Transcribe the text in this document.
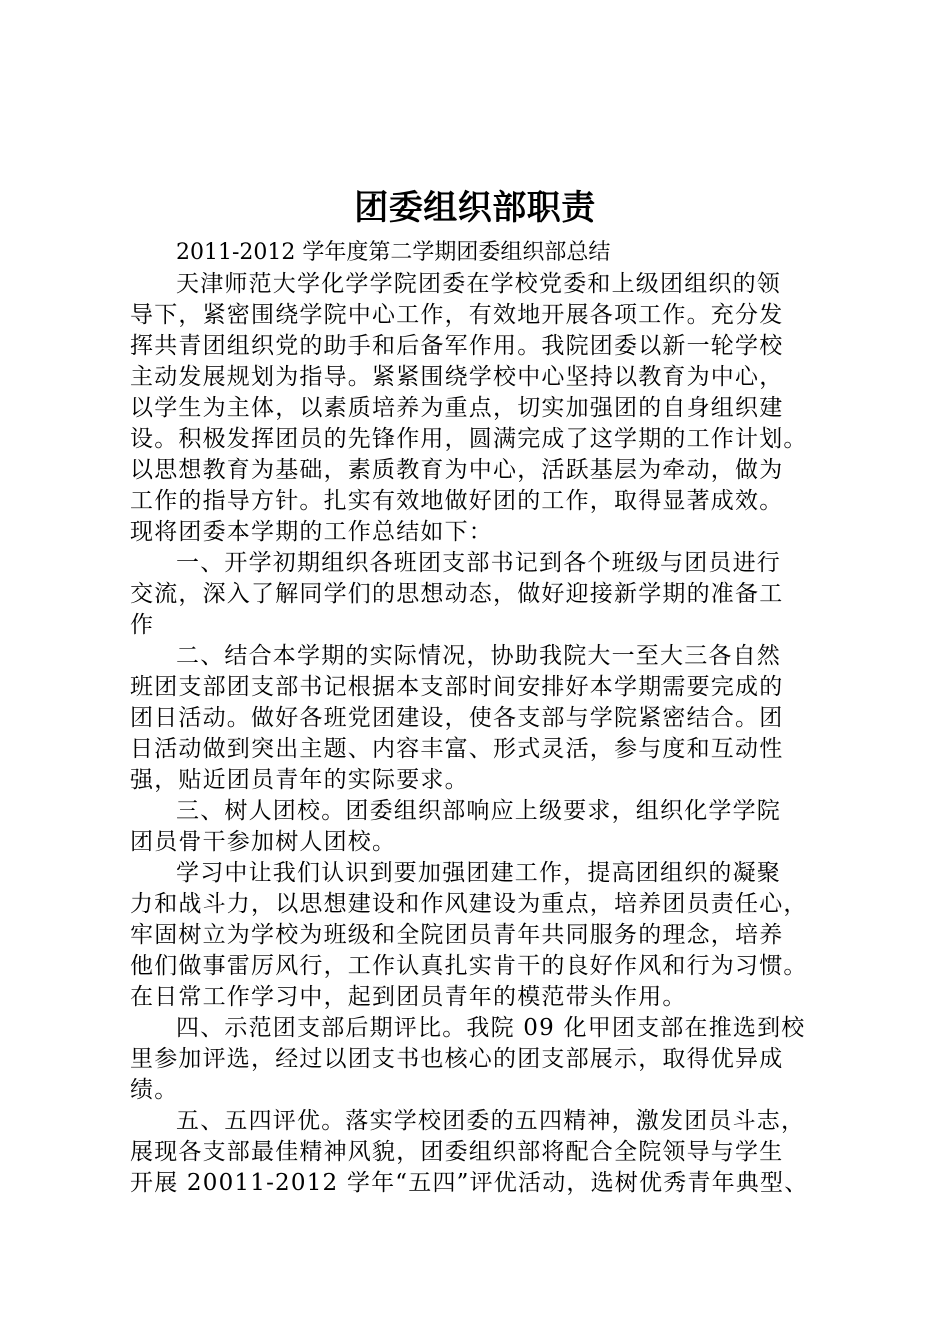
团委组织部职责

2011-2012 学年度第二学期团委组织部总结

天津师范大学化学学院团委在学校党委和上级团组织的领

导下，紧密围绕学院中心工作，有效地开展各项工作。充分发

挥共青团组织党的助手和后备军作用。我院团委以新一轮学校

主动发展规划为指导。紧紧围绕学校中心坚持以教育为中心，

以学生为主体，以素质培养为重点，切实加强团的自身组织建

设。积极发挥团员的先锋作用，圆满完成了这学期的工作计划。

以思想教育为基础，素质教育为中心，活跃基层为牵动，做为

工作的指导方针。扎实有效地做好团的工作，取得显著成效。

现将团委本学期的工作总结如下：

一、开学初期组织各班团支部书记到各个班级与团员进行

交流，深入了解同学们的思想动态，做好迎接新学期的准备工

作

二、结合本学期的实际情况，协助我院大一至大三各自然

班团支部团支部书记根据本支部时间安排好本学期需要完成的

团日活动。做好各班党团建设，使各支部与学院紧密结合。团

日活动做到突出主题、内容丰富、形式灵活，参与度和互动性

强，贴近团员青年的实际要求。

三、树人团校。团委组织部响应上级要求，组织化学学院

团员骨干参加树人团校。

学习中让我们认识到要加强团建工作，提高团组织的凝聚

力和战斗力，以思想建设和作风建设为重点，培养团员责任心，

牢固树立为学校为班级和全院团员青年共同服务的理念，培养

他们做事雷厉风行，工作认真扎实肯干的良好作风和行为习惯。

在日常工作学习中，起到团员青年的模范带头作用。

四、示范团支部后期评比。我院 09 化甲团支部在推选到校

里参加评选，经过以团支书也核心的团支部展示，取得优异成

绩。

五、五四评优。落实学校团委的五四精神，激发团员斗志，

展现各支部最佳精神风貌，团委组织部将配合全院领导与学生

开展 20011-2012 学年“五四”评优活动，选树优秀青年典型、
